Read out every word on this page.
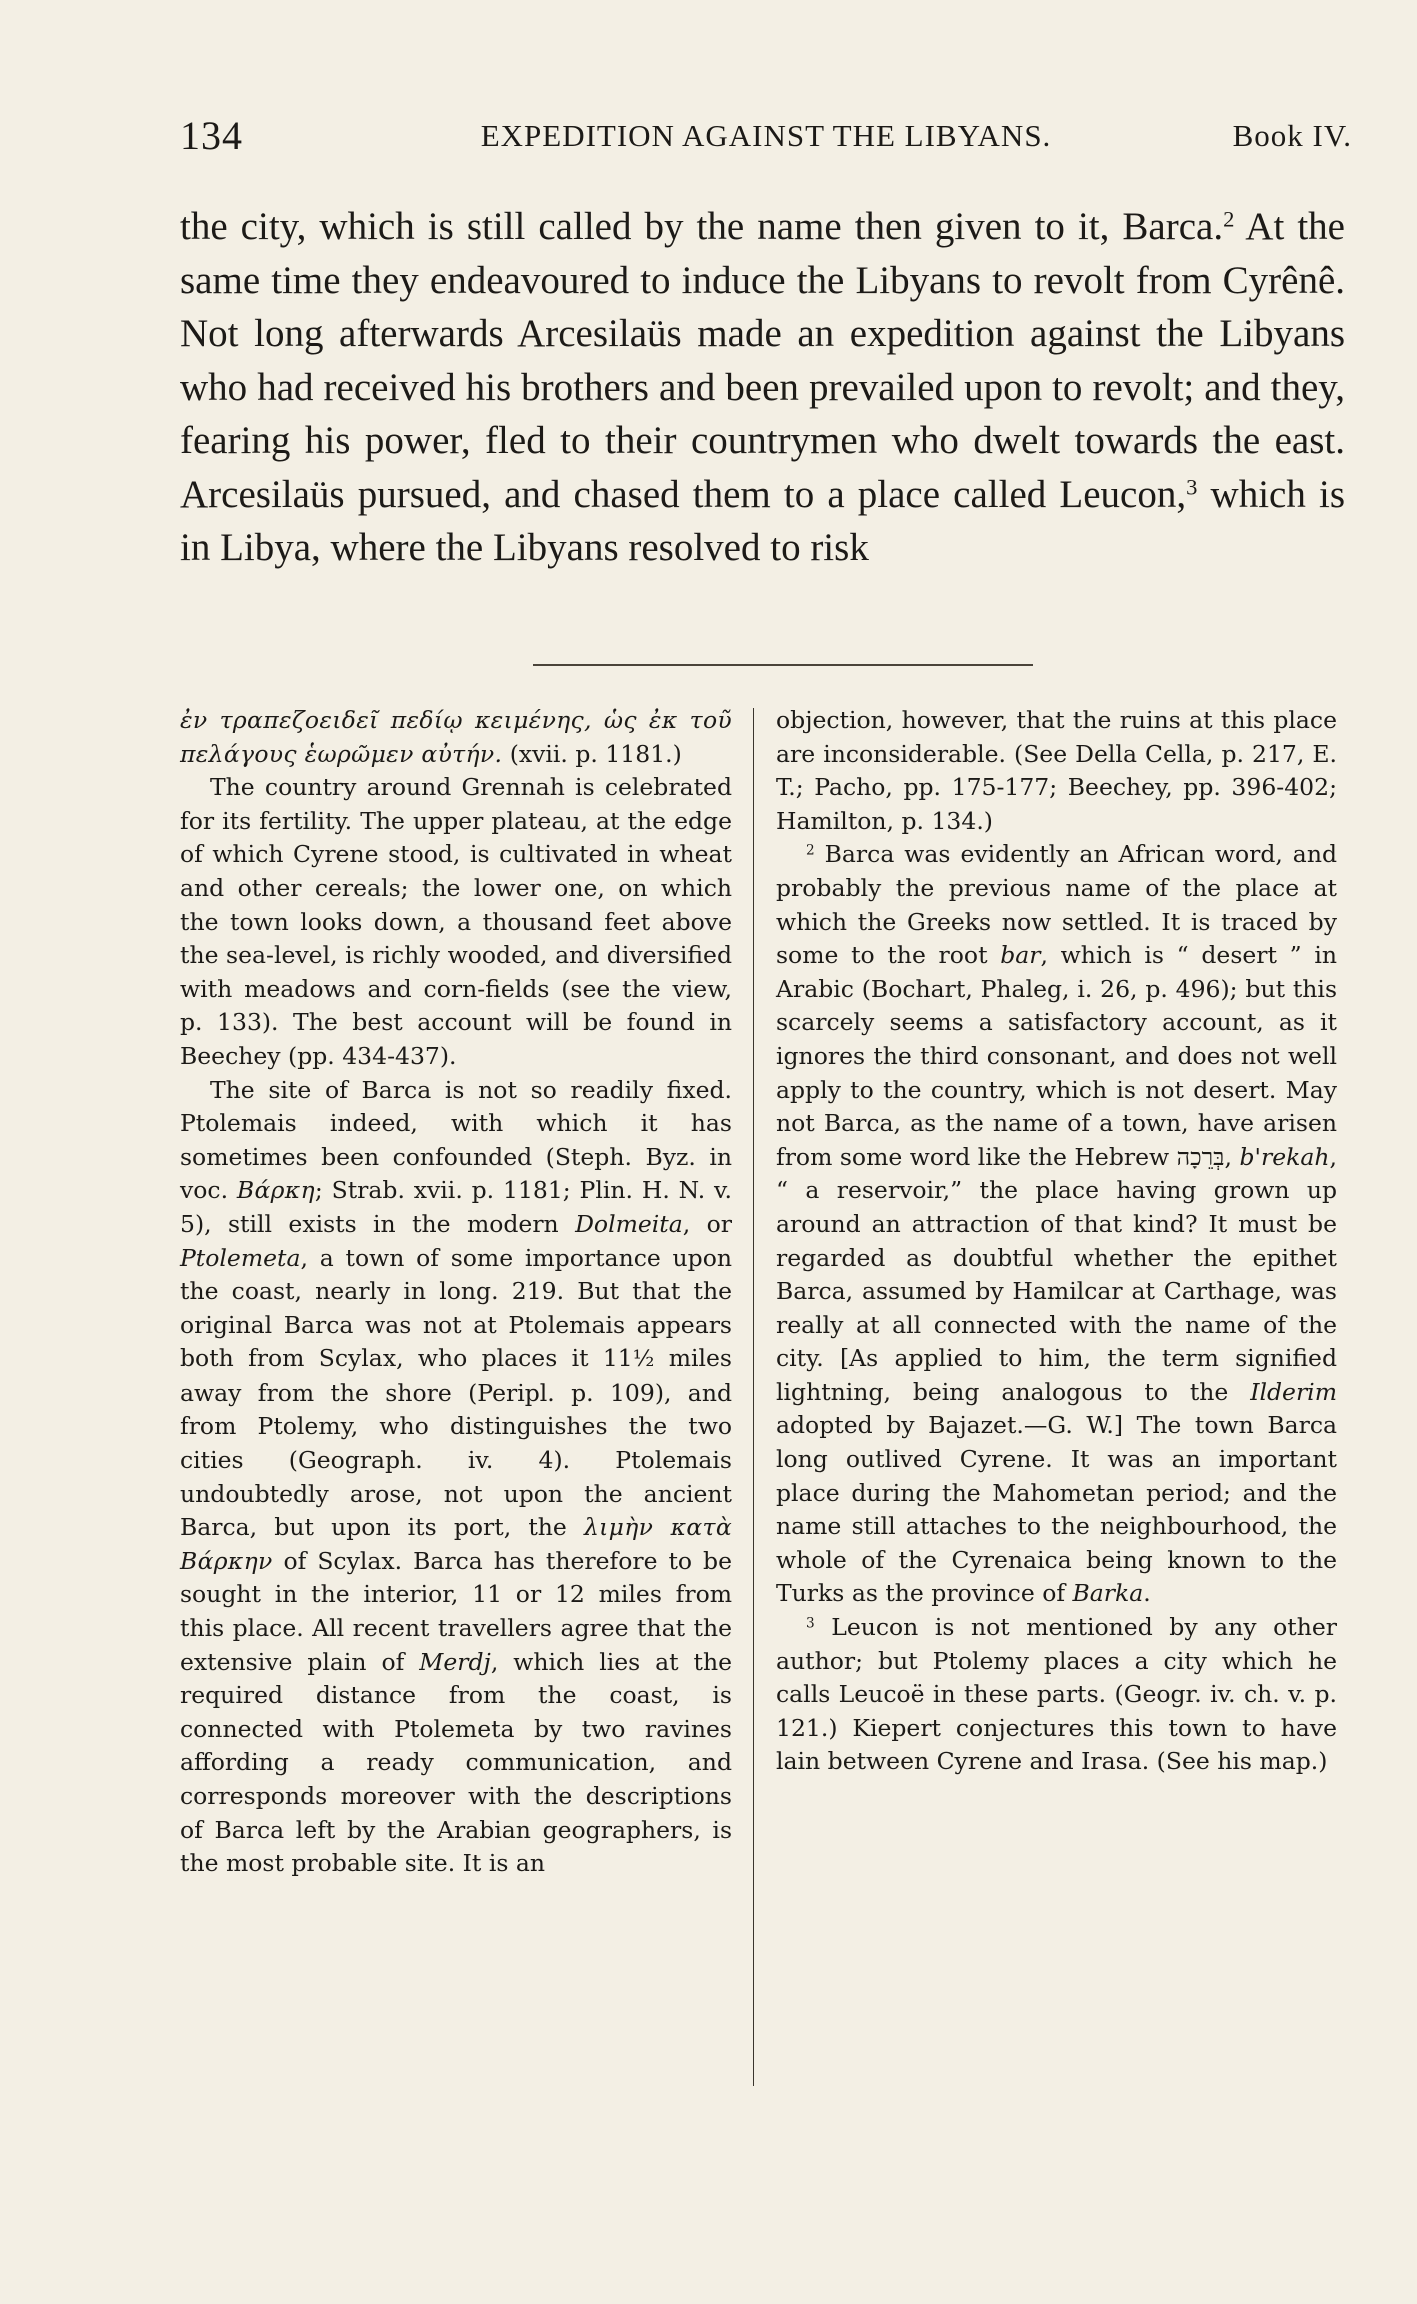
134	EXPEDITION AGAINST THE LIBYANS.	Book IV.

the city, which is still called by the name then given to it, Barca.$^2$ At the same time they endeavoured to induce the Libyans to revolt from Cyrênê. Not long afterwards Arcesilaüs made an expedition against the Libyans who had received his brothers and been prevailed upon to revolt; and they, fearing his power, fled to their countrymen who dwelt towards the east. Arcesilaüs pursued, and chased them to a place called Leucon,$^3$ which is in Libya, where the Libyans resolved to risk

ἐν τραπεζοειδεῖ πεδίῳ κειμένης, ὡς ἐκ τοῦ πελάγους ἑωρῶμεν αὐτήν. (xvii. p. 1181.)

The country around Grennah is celebrated for its fertility. The upper plateau, at the edge of which Cyrene stood, is cultivated in wheat and other cereals; the lower one, on which the town looks down, a thousand feet above the sea-level, is richly wooded, and diversified with meadows and corn-fields (see the view, p. 133). The best account will be found in Beechey (pp. 434-437).

The site of Barca is not so readily fixed. Ptolemais indeed, with which it has sometimes been confounded (Steph. Byz. in voc. Βάρκη; Strab. xvii. p. 1181; Plin. H. N. v. 5), still exists in the modern Dolmeita, or Ptolemeta, a town of some importance upon the coast, nearly in long. 219. But that the original Barca was not at Ptolemais appears both from Scylax, who places it 11½ miles away from the shore (Peripl. p. 109), and from Ptolemy, who distinguishes the two cities (Geograph. iv. 4). Ptolemais undoubtedly arose, not upon the ancient Barca, but upon its port, the λιμὴν κατὰ Βάρκην of Scylax. Barca has therefore to be sought in the interior, 11 or 12 miles from this place. All recent travellers agree that the extensive plain of Merdj, which lies at the required distance from the coast, is connected with Ptolemeta by two ravines affording a ready communication, and corresponds moreover with the descriptions of Barca left by the Arabian geographers, is the most probable site. It is an

objection, however, that the ruins at this place are inconsiderable. (See Della Cella, p. 217, E. T.; Pacho, pp. 175-177; Beechey, pp. 396-402; Hamilton, p. 134.)

$^2$ Barca was evidently an African word, and probably the previous name of the place at which the Greeks now settled. It is traced by some to the root bar, which is “ desert ” in Arabic (Bochart, Phaleg, i. 26, p. 496); but this scarcely seems a satisfactory account, as it ignores the third consonant, and does not well apply to the country, which is not desert. May not Barca, as the name of a town, have arisen from some word like the Hebrew בְּרֵכָה, b'rekah, “ a reservoir,” the place having grown up around an attraction of that kind? It must be regarded as doubtful whether the epithet Barca, assumed by Hamilcar at Carthage, was really at all connected with the name of the city. [As applied to him, the term signified lightning, being analogous to the Ilderim adopted by Bajazet.—G. W.] The town Barca long outlived Cyrene. It was an important place during the Mahometan period; and the name still attaches to the neighbourhood, the whole of the Cyrenaica being known to the Turks as the province of Barka.

$^3$ Leucon is not mentioned by any other author; but Ptolemy places a city which he calls Leucoë in these parts. (Geogr. iv. ch. v. p. 121.) Kiepert conjectures this town to have lain between Cyrene and Irasa. (See his map.)
